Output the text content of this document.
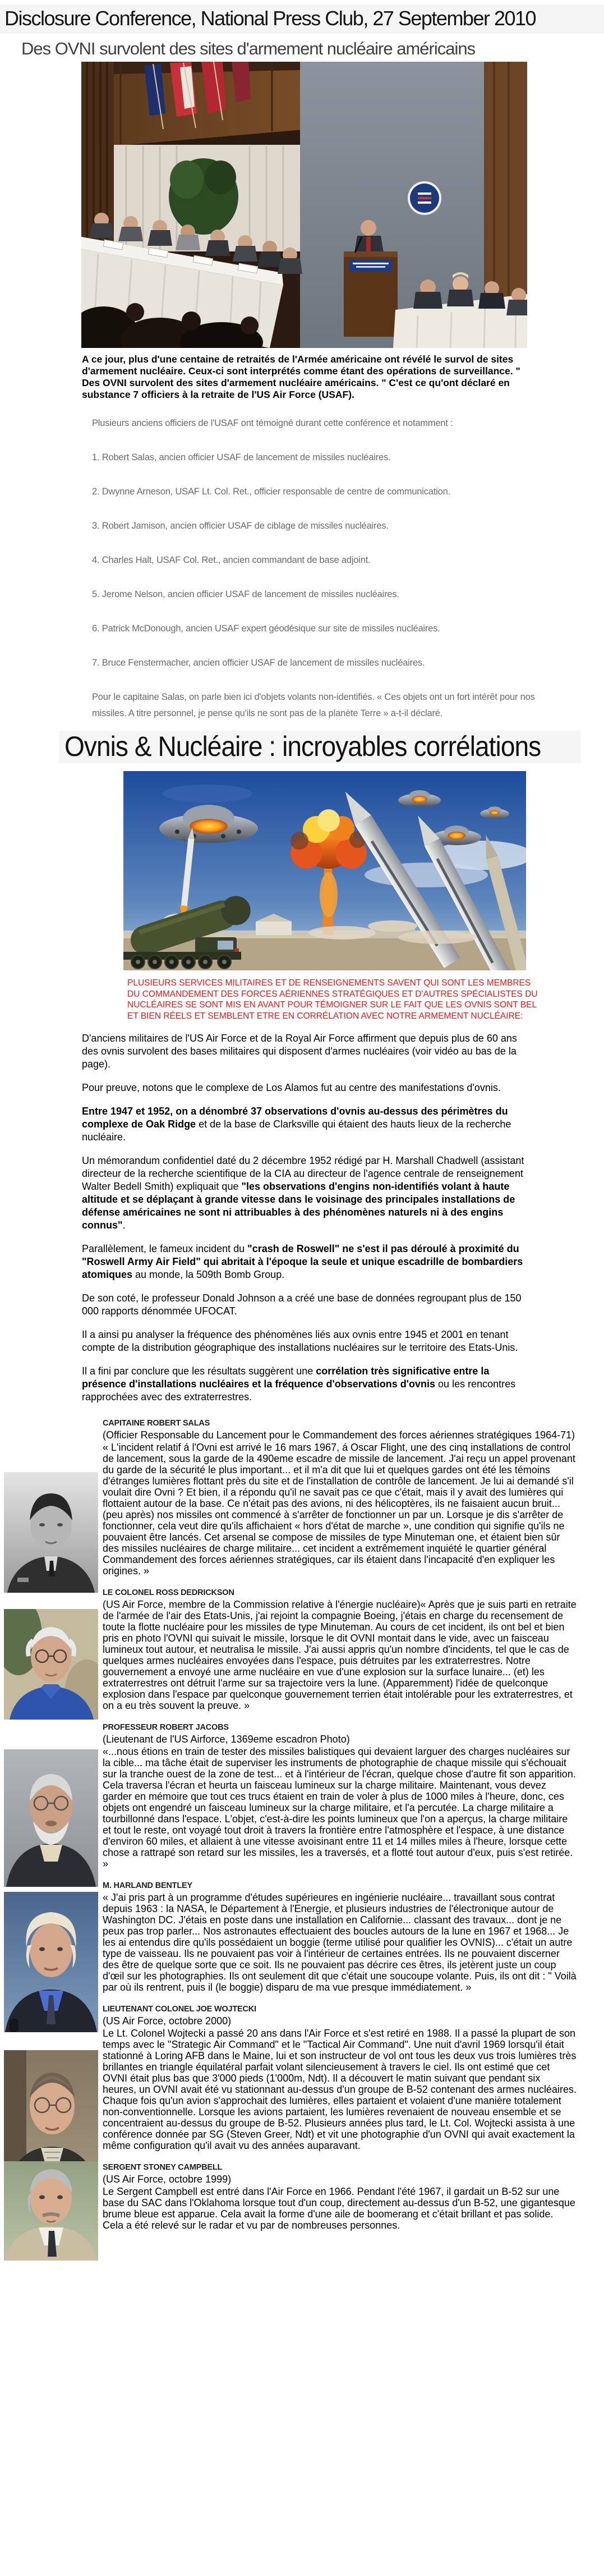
Disclosure Conference, National Press Club, 27 September 2010
Des OVNI survolent des sites d'armement nucléaire américains

A ce jour, plus d'une centaine de retraités de l'Armée américaine ont révélé le survol de sites d'armement nucléaire. Ceux-ci sont interprétés comme étant des opérations de surveillance. " Des OVNI survolent des sites d'armement nucléaire américains. " C'est ce qu'ont déclaré en substance 7 officiers à la retraite de l'US Air Force (USAF).

Plusieurs anciens officiers de l'USAF ont témoigné durant cette conférence et notamment :

1. Robert Salas, ancien officier USAF de lancement de missiles nucléaires.

2. Dwynne Arneson, USAF Lt. Col. Ret., officier responsable de centre de communication.

3. Robert Jamison, ancien officier USAF de ciblage de missiles nucléaires.

4. Charles Halt, USAF Col. Ret., ancien commandant de base adjoint.

5. Jerome Nelson, ancien officier USAF de lancement de missiles nucléaires.

6. Patrick McDonough, ancien USAF expert géodésique sur site de missiles nucléaires.

7. Bruce Fenstermacher, ancien officier USAF de lancement de missiles nucléaires.

Pour le capitaine Salas, on parle bien ici d'objets volants non-identifiés. « Ces objets ont un fort intérêt pour nos missiles. A titre personnel, je pense qu'ils ne sont pas de la planète Terre » a-t-il déclaré.

Ovnis & Nucléaire : incroyables corrélations

PLUSIEURS SERVICES MILITAIRES ET DE RENSEIGNEMENTS SAVENT QUI SONT LES MEMBRES DU COMMANDEMENT DES FORCES AÉRIENNES STRATÉGIQUES ET D'AUTRES SPÉCIALISTES DU NUCLÉAIRES SE SONT MIS EN AVANT POUR TÉMOIGNER SUR LE FAIT QUE LES OVNIS SONT BEL ET BIEN RÉELS ET SEMBLENT ETRE EN CORRÉLATION AVEC NOTRE ARMEMENT NUCLÉAIRE:

D'anciens militaires de l'US Air Force et de la Royal Air Force affirment que depuis plus de 60 ans des ovnis survolent des bases militaires qui disposent d'armes nucléaires (voir vidéo au bas de la page).

Pour preuve, notons que le complexe de Los Alamos fut au centre des manifestations d'ovnis.

Entre 1947 et 1952, on a dénombré 37 observations d'ovnis au-dessus des périmètres du complexe de Oak Ridge et de la base de Clarksville qui étaient des hauts lieux de la recherche nucléaire.

Un mémorandum confidentiel daté du 2 décembre 1952 rédigé par H. Marshall Chadwell (assistant directeur de la recherche scientifique de la CIA au directeur de l'agence centrale de renseignement Walter Bedell Smith) expliquait que "les observations d'engins non-identifiés volant à haute altitude et se déplaçant à grande vitesse dans le voisinage des principales installations de défense américaines ne sont ni attribuables à des phénomènes naturels ni à des engins connus".

Parallèlement, le fameux incident du "crash de Roswell" ne s'est il pas déroulé à proximité du "Roswell Army Air Field" qui abritait à l'époque la seule et unique escadrille de bombardiers atomiques au monde, la 509th Bomb Group.

De son coté, le professeur Donald Johnson a a créé une base de données regroupant plus de 150 000 rapports dénommée UFOCAT.

Il a ainsi pu analyser la fréquence des phénomènes liés aux ovnis entre 1945 et 2001 en tenant compte de la distribution géographique des installations nucléaires sur le territoire des Etats-Unis.

Il a fini par conclure que les résultats suggèrent une corrélation très significative entre la présence d'installations nucléaires et la fréquence d'observations d'ovnis ou les rencontres rapprochées avec des extraterrestres.

CAPITAINE ROBERT SALAS

(Officier Responsable du Lancement pour le Commandement des forces aériennes stratégiques 1964-71)

« L'incident relatif á l'Ovni est arrivé le 16 mars 1967, á Oscar Flight, une des cinq installations de control de lancement, sous la garde de la 490eme escadre de missile de lancement. J'ai reçu un appel provenant du garde de la sécurité le plus important... et il m'a dit que lui et quelques gardes ont été les témoins d'étranges lumières flottant près du site et de l'installation de contrôle de lancement. Je lui ai demandé s'il voulait dire Ovni ? Et bien, il a répondu qu'il ne savait pas ce que c'était, mais il y avait des lumières qui flottaient autour de la base. Ce n'était pas des avions, ni des hélicoptères, ils ne faisaient aucun bruit... (peu après) nos missiles ont commencé à s'arrêter de fonctionner un par un. Lorsque je dis s'arrêter de fonctionner, cela veut dire qu'ils affichaient « hors d'état de marche », une condition qui signifie qu'ils ne pouvaient être lancés. Cet arsenal se compose de missiles de type Minuteman one, et étaient bien sûr des missiles nucléaires de charge militaire... cet incident a extrêmement inquiété le quartier général Commandement des forces aériennes stratégiques, car ils étaient dans l'incapacité d'en expliquer les origines. »

LE COLONEL ROSS DEDRICKSON

(US Air Force, membre de la Commission relative à l'énergie nucléaire)« Après que je suis parti en retraite de l'armée de l'air des Etats-Unis, j'ai rejoint la compagnie Boeing, j'étais en charge du recensement de toute la flotte nucléaire pour les missiles de type Minuteman. Au cours de cet incident, ils ont bel et bien pris en photo l'OVNI qui suivait le missile, lorsque le dit OVNI montait dans le vide, avec un faisceau lumineux tout autour, et neutralisa le missile. J'ai aussi appris qu'un nombre d'incidents, tel que le cas de quelques armes nucléaires envoyées dans l'espace, puis détruites par les extraterrestres. Notre gouvernement a envoyé une arme nucléaire en vue d'une explosion sur la surface lunaire... (et) les extraterrestres ont détruit l'arme sur sa trajectoire vers la lune. (Apparemment) l'idée de quelconque explosion dans l'espace par quelconque gouvernement terrien était intolérable pour les extraterrestres, et on a eu très souvent la preuve. »

PROFESSEUR ROBERT JACOBS

(Lieutenant de l'US Airforce, 1369eme escadron Photo)

«...nous étions en train de tester des missiles balistiques qui devaient larguer des charges nucléaires sur la cible... ma tâche était de superviser les instruments de photographie de chaque missile qui s'échouait sur la tranche ouest de la zone de test... et à l'intérieur de l'écran, quelque chose d'autre fit son apparition. Cela traversa l'écran et heurta un faisceau lumineux sur la charge militaire. Maintenant, vous devez garder en mémoire que tout ces trucs étaient en train de voler à plus de 1000 miles à l'heure, donc, ces objets ont engendré un faisceau lumineux sur la charge militaire, et l'a percutée. La charge militaire a tourbillonné dans l'espace. L'objet, c'est-à-dire les points lumineux que l'on a aperçus, la charge militaire et tout le reste, ont voyagé tout droit à travers la frontière entre l'atmosphère et l'espace, à une distance d'environ 60 miles, et allaient à une vitesse avoisinant entre 11 et 14 milles miles à l'heure, lorsque cette chose a rattrapé son retard sur les missiles, les a traversés, et a flotté tout autour d'eux, puis s'est retirée. »

M. HARLAND BENTLEY

« J'ai pris part à un programme d'études supérieures en ingénierie nucléaire... travaillant sous contrat depuis 1963 : la NASA, le Département à l'Energie, et plusieurs industries de l'électronique autour de Washington DC. J'étais en poste dans une installation en Californie... classant des travaux... dont je ne peux pas trop parler... Nos astronautes effectuaient des boucles autours de la lune en 1967 et 1968... Je les ai entendus dire qu'ils possédaient un boggie (terme utilisé pour qualifier les OVNIS)... c'était un autre type de vaisseau. Ils ne pouvaient pas voir à l'intérieur de certaines entrées. Ils ne pouvaient discerner des être de quelque sorte que ce soit. Ils ne pouvaient pas décrire ces êtres, ils jetèrent juste un coup d'œil sur les photographies. Ils ont seulement dit que c'était une soucoupe volante. Puis, ils ont dit : " Voilà par où ils rentrent, puis il (le boggie) disparu de ma vue presque immédiatement. »

LIEUTENANT COLONEL JOE WOJTECKI

(US Air Force, octobre 2000)

Le Lt. Colonel Wojtecki a passé 20 ans dans l'Air Force et s'est retiré en 1988. Il a passé la plupart de son temps avec le "Strategic Air Command" et le "Tactical Air Command". Une nuit d'avril 1969 lorsqu'il était stationné à Loring AFB dans le Maine, lui et son instructeur de vol ont tous les deux vus trois lumières très brillantes en triangle équilatéral parfait volant silencieusement à travers le ciel. Ils ont estimé que cet OVNI était plus bas que 3'000 pieds (1'000m, Ndt). Il a découvert le matin suivant que pendant six heures, un OVNI avait été vu stationnant au-dessus d'un groupe de B-52 contenant des armes nucléaires. Chaque fois qu'un avion s'approchait des lumières, elles partaient et volaient d'une manière totalement non-conventionnelle. Lorsque les avions partaient, les lumières revenaient de nouveau ensemble et se concentraient au-dessus du groupe de B-52. Plusieurs années plus tard, le Lt. Col. Wojtecki assista à une conférence donnée par SG (Steven Greer, Ndt) et vit une photographie d'un OVNI qui avait exactement la même configuration qu'il avait vu des années auparavant.

SERGENT STONEY CAMPBELL

(US Air Force, octobre 1999)

Le Sergent Campbell est entré dans l'Air Force en 1966. Pendant l'été 1967, il gardait un B-52 sur une base du SAC dans l'Oklahoma lorsque tout d'un coup, directement au-dessus d'un B-52, une gigantesque brume bleue est apparue. Cela avait la forme d'une aile de boomerang et c'était brillant et pas solide. Cela a été relevé sur le radar et vu par de nombreuses personnes.
